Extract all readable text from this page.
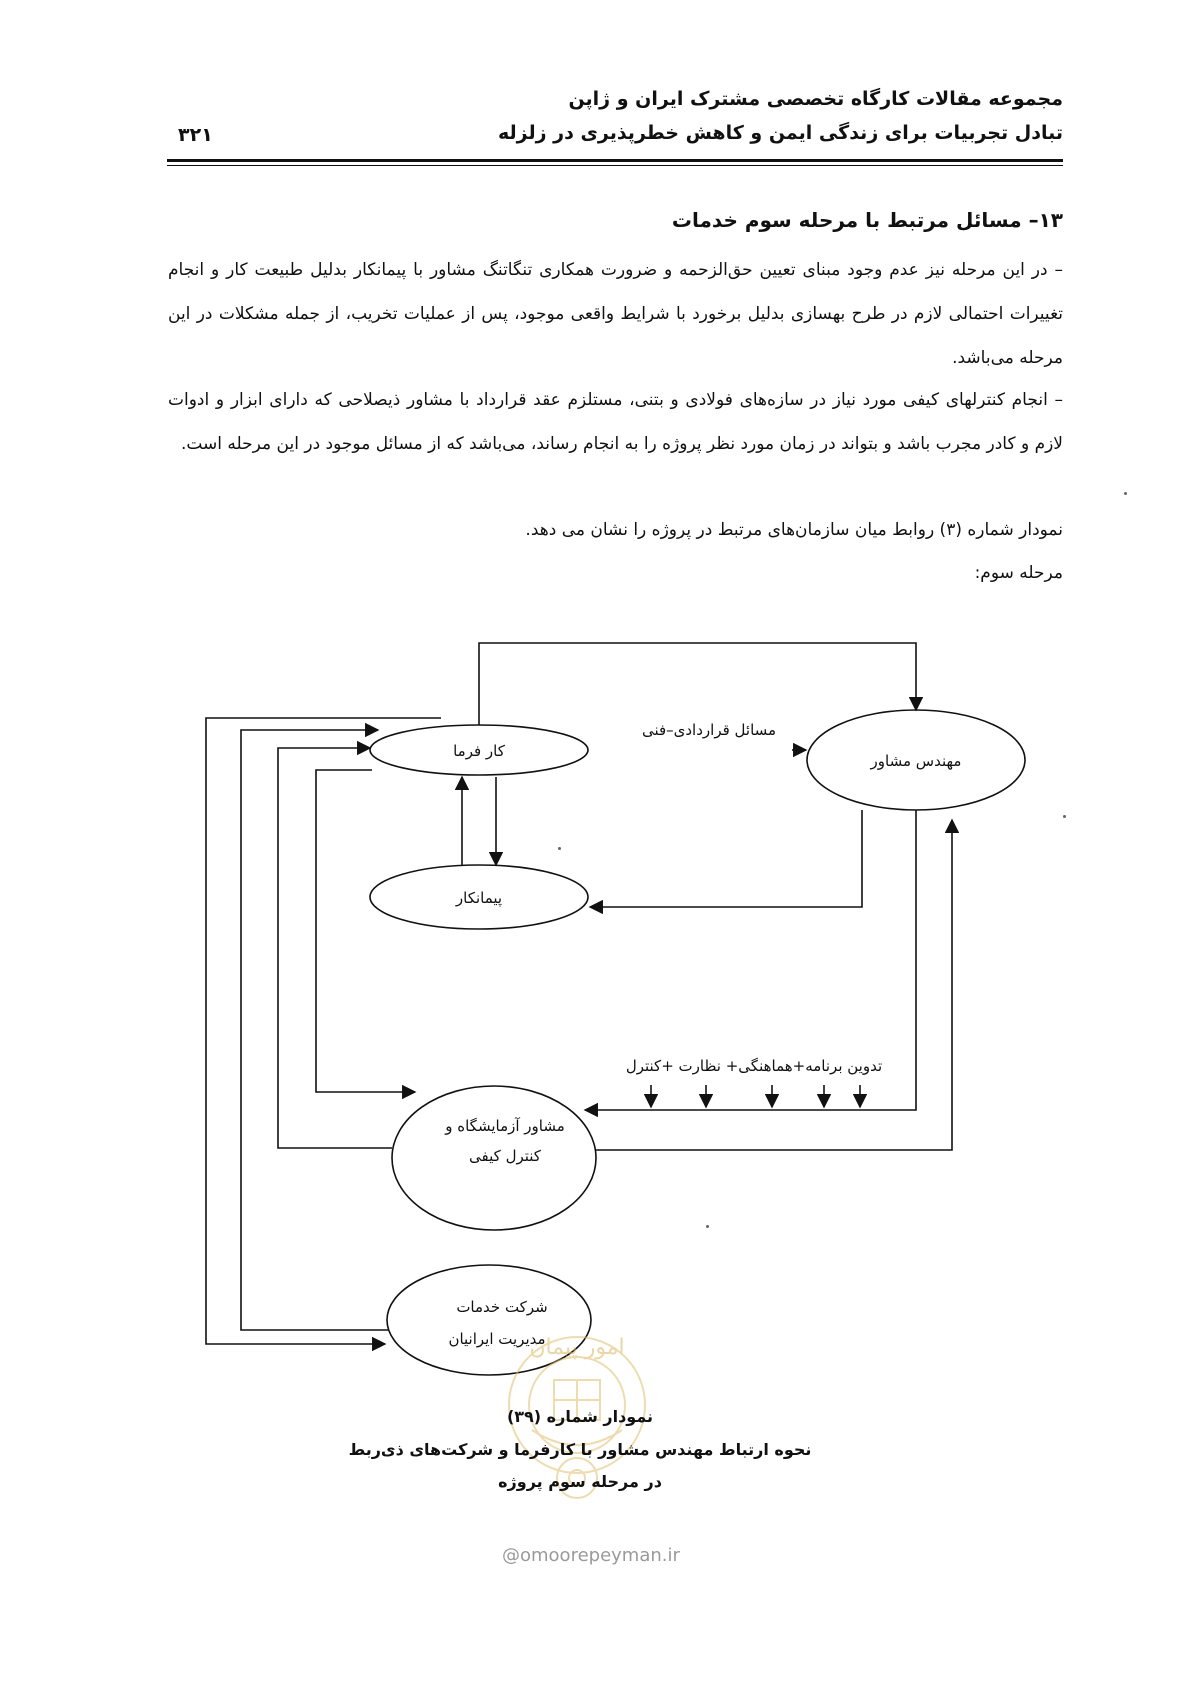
مجموعه مقالات کارگاه تخصصی مشترک ایران و ژاپن
تبادل تجربیات برای زندگی ایمن و کاهش خطرپذیری در زلزله
۳۲۱
۱۳– مسائل مرتبط با مرحله سوم خدمات
– در این مرحله نیز عدم وجود مبنای تعیین حق‌الزحمه و ضرورت همکاری تنگاتنگ مشاور با پیمانکار بدلیل طبیعت کار و انجام تغییرات احتمالی لازم در طرح بهسازی بدلیل برخورد با شرایط واقعی موجود، پس از عملیات تخریب، از جمله مشکلات در این مرحله می‌باشد.
– انجام کنترلهای کیفی مورد نیاز در سازه‌های فولادی و بتنی، مستلزم عقد قرارداد با مشاور ذیصلاحی که دارای ابزار و ادوات لازم و کادر مجرب باشد و بتواند در زمان مورد نظر پروژه را به انجام رساند، می‌باشد که از مسائل موجود در این مرحله است.
نمودار شماره (۳) روابط میان سازمان‌های مرتبط در پروژه را نشان می دهد.
مرحله سوم:
کار فرما
مهندس مشاور
پیمانکار
مشاور آزمایشگاه و
کنترل کیفی
شرکت خدمات
مدیریت ایرانیان
مسائل قراردادی–فنی
تدوین برنامه+هماهنگی+ نظارت +کنترل
امور پیمان
نمودار شماره (۳۹)
نحوه ارتباط مهندس مشاور با کارفرما و شرکت‌های ذی‌ربط
در مرحله سوم پروژه
@omoorepeyman.ir
